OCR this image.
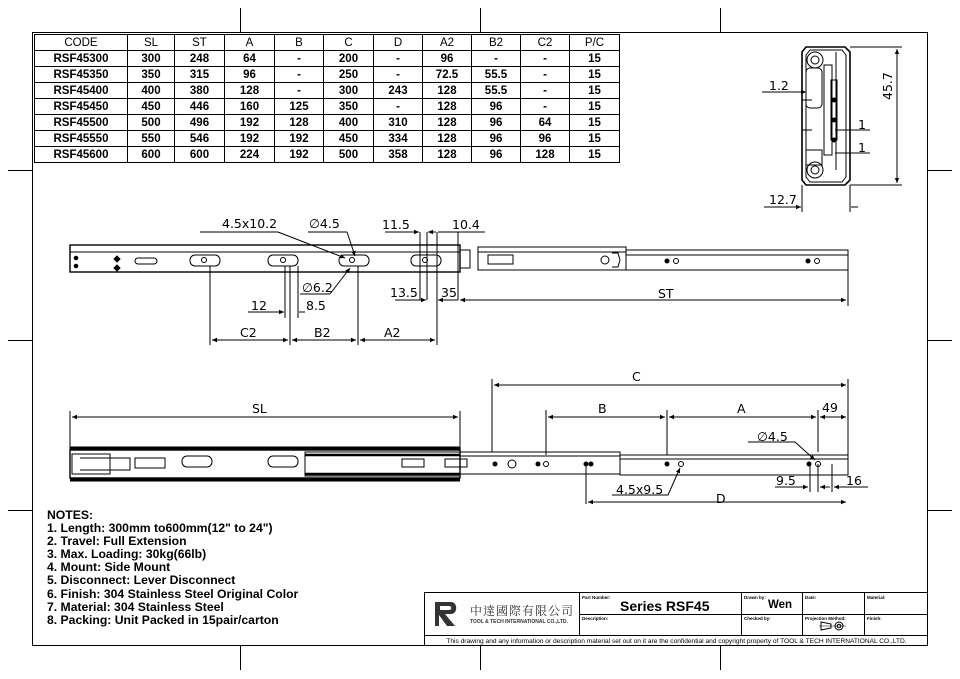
CODE	SL	ST	A	B	C	D	A2	B2	C2	P/C
RSF45300	300	248	64	-	200	-	96	-	-	15
RSF45350	350	315	96	-	250	-	72.5	55.5	-	15
RSF45400	400	380	128	-	300	243	128	55.5	-	15
RSF45450	450	446	160	125	350	-	128	96	-	15
RSF45500	500	496	192	128	400	310	128	96	64	15
RSF45550	550	546	192	192	450	334	128	96	96	15
RSF45600	600	600	224	192	500	358	128	96	128	15
4.5x10.2	∅4.5	11.5	10.4
∅6.2
12	8.5
13.5 35	ST
C2	B2	A2
1.2
1
1
12.7
45.7
C
SL	B	A	49
∅4.5
9.5	16
4.5x9.5
D
NOTES:
1. Length: 300mm to600mm(12" to 24")
2. Travel: Full Extension
3. Max. Loading: 30kg(66lb)
4. Mount: Side Mount
5. Disconnect: Lever Disconnect
6. Finish: 304 Stainless Steel Original Color
7. Material: 304 Stainless Steel
8. Packing: Unit Packed in 15pair/carton
中達國際有限公司
TOOL & TECH INTERNATIONAL CO.,LTD.
Part Number:
Series RSF45
Description:
Drawn by:
Wen
Checked by:
Date:
Projection Method:
Material:
Finish:
This drawing and any information or description material set out on it are the confidential and copyright property of TOOL & TECH INTERNATIONAL CO.,LTD.
